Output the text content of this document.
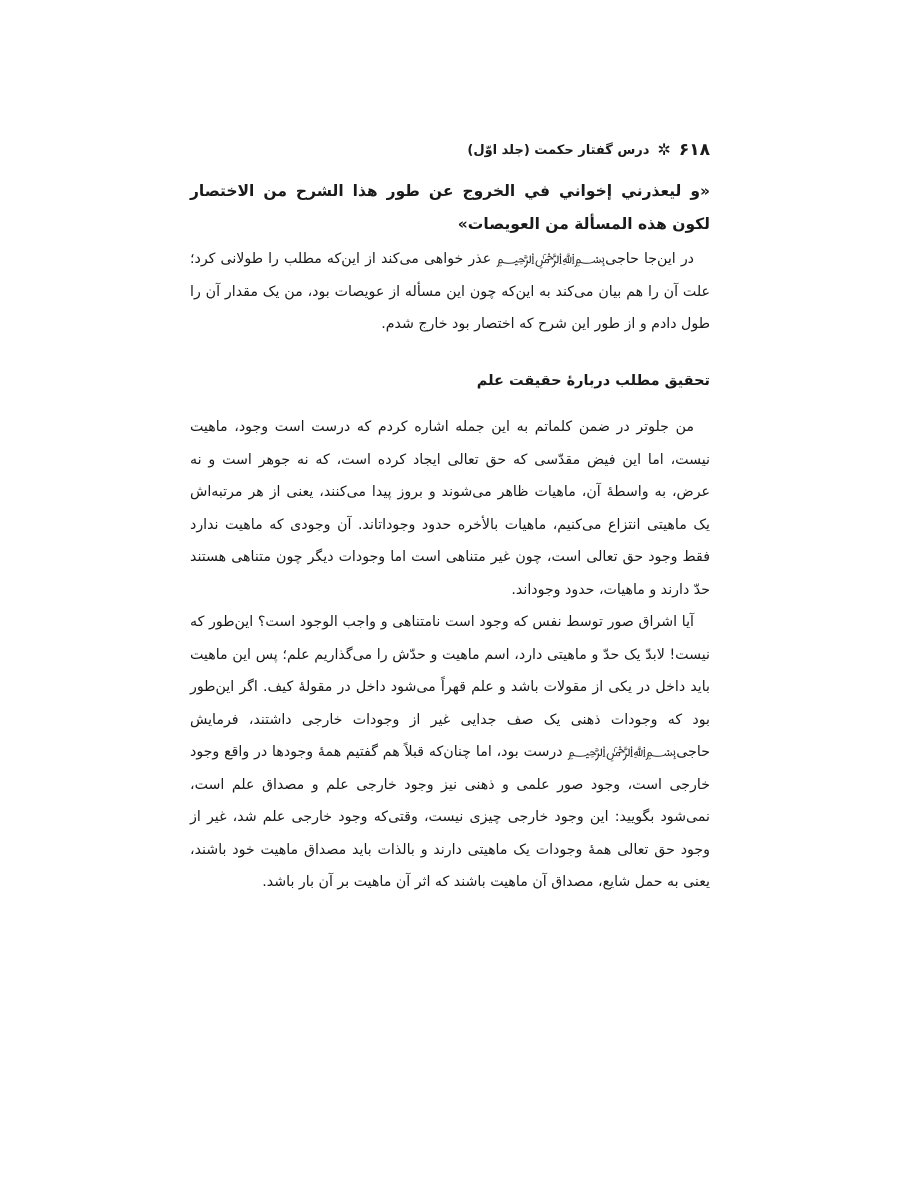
۶۱۸
✲
درس گفتار حکمت (جلد اوّل)

«و ليعذرني إخواني في الخروج عن طور هذا الشرح من الاختصار لكون هذه المسألة من العويصات»

در این‌جا حاجی‌﷽ عذر خواهی می‌کند از این‌که مطلب را طولانی کرد؛ علت آن را هم بیان می‌کند به این‌که چون این مسأله از عویصات بود، من یک مقدار آن را طول دادم و از طور این شرح که اختصار بود خارج شدم.

تحقیق مطلب دربارهٔ حقیقت علم

من جلوتر در ضمن کلماتم به این جمله اشاره کردم که درست است وجود، ماهیت نیست، اما این فیض مقدّسی که حق تعالی ایجاد کرده است، که نه جوهر است و نه عرض، به واسطهٔ آن، ماهیات ظاهر می‌شوند و بروز پیدا می‌کنند، یعنی از هر مرتبه‌اش یک ماهیتی انتزاع می‌کنیم، ماهیات بالأخره حدود وجوداتاند. آن وجودی که ماهیت ندارد فقط وجود حق تعالی است، چون غیر متناهی است اما وجودات دیگر چون متناهی هستند حدّ دارند و ماهیات، حدود وجوداند.

آیا اشراق صور توسط نفس که وجود است نامتناهی و واجب الوجود است؟ این‌طور که نیست! لابدّ یک حدّ و ماهیتی دارد، اسم ماهیت و حدّش را می‌گذاریم علم؛ پس این ماهیت باید داخل در یکی از مقولات باشد و علم قهراً می‌شود داخل در مقولهٔ کیف. اگر این‌طور بود که وجودات ذهنی یک صف جدایی غیر از وجودات خارجی داشتند، فرمایش حاجی‌﷽ درست بود، اما چنان‌که قبلاً هم گفتیم همهٔ وجودها در واقع وجود خارجی است، وجود صور علمی و ذهنی نیز وجود خارجی علم و مصداق علم است، نمی‌شود بگویید: این وجود خارجی چیزی نیست، وقتی‌که وجود خارجی علم شد، غیر از وجود حق تعالی همهٔ وجودات یک ماهیتی دارند و بالذات باید مصداق ماهیت خود باشند، یعنی به حمل شایع، مصداق آن ماهیت باشند که اثر آن ماهیت بر آن بار باشد.
